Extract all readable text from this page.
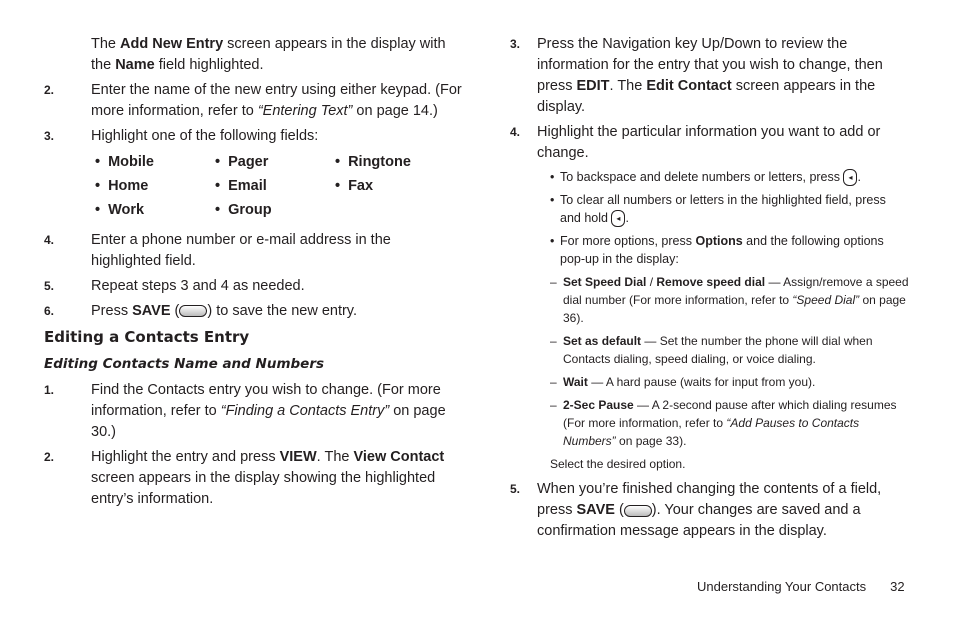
The Add New Entry screen appears in the display with the Name field highlighted.
2.	Enter the name of the new entry using either keypad. (For more information, refer to “Entering Text” on page 14.)
3.	Highlight one of the following fields:
• Mobile	• Pager	• Ringtone
• Home	• Email	• Fax
• Work	• Group
4.	Enter a phone number or e-mail address in the highlighted field.
5.	Repeat steps 3 and 4 as needed.
6.	Press SAVE ( ) to save the new entry.
Editing a Contacts Entry
Editing Contacts Name and Numbers
1.	Find the Contacts entry you wish to change. (For more information, refer to “Finding a Contacts Entry” on page 30.)
2.	Highlight the entry and press VIEW. The View Contact screen appears in the display showing the highlighted entry’s information.
3.	Press the Navigation key Up/Down to review the information for the entry that you wish to change, then press EDIT. The Edit Contact screen appears in the display.
4.	Highlight the particular information you want to add or change.
• To backspace and delete numbers or letters, press ◂ .
• To clear all numbers or letters in the highlighted field, press and hold ◂ .
• For more options, press Options and the following options pop-up in the display:
– Set Speed Dial / Remove speed dial — Assign/remove a speed dial number (For more information, refer to “Speed Dial” on page 36).
– Set as default — Set the number the phone will dial when Contacts dialing, speed dialing, or voice dialing.
– Wait — A hard pause (waits for input from you).
– 2-Sec Pause — A 2-second pause after which dialing resumes (For more information, refer to “Add Pauses to Contacts Numbers” on page 33).
Select the desired option.
5.	When you’re finished changing the contents of a field, press SAVE ( ). Your changes are saved and a confirmation message appears in the display.
Understanding Your Contacts 32
